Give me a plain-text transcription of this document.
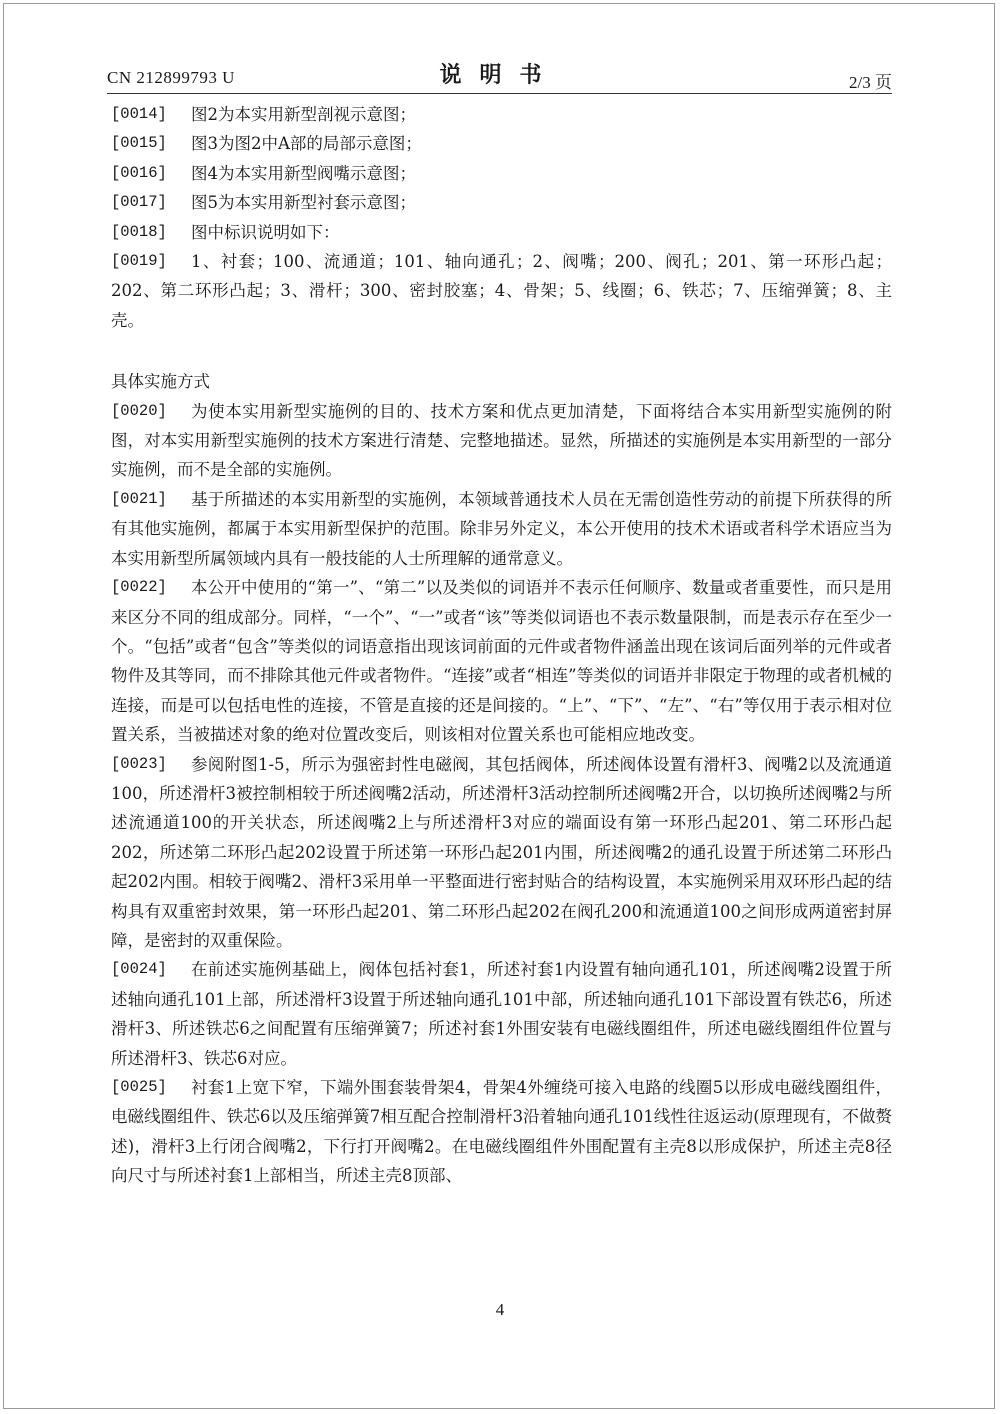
CN 212899793 U	说明书	2/3 页

[0014]	图2为本实用新型剖视示意图；

[0015]	图3为图2中A部的局部示意图；

[0016]	图4为本实用新型阀嘴示意图；

[0017]	图5为本实用新型衬套示意图；

[0018]	图中标识说明如下：

[0019]	1、衬套；100、流通道；101、轴向通孔；2、阀嘴；200、阀孔；201、第一环形凸起；202、第二环形凸起；3、滑杆；300、密封胶塞；4、骨架；5、线圈；6、铁芯；7、压缩弹簧；8、主壳。

具体实施方式

[0020]	为使本实用新型实施例的目的、技术方案和优点更加清楚，下面将结合本实用新型实施例的附图，对本实用新型实施例的技术方案进行清楚、完整地描述。显然，所描述的实施例是本实用新型的一部分实施例，而不是全部的实施例。

[0021]	基于所描述的本实用新型的实施例，本领域普通技术人员在无需创造性劳动的前提下所获得的所有其他实施例，都属于本实用新型保护的范围。除非另外定义，本公开使用的技术术语或者科学术语应当为本实用新型所属领域内具有一般技能的人士所理解的通常意义。

[0022]	本公开中使用的“第一”、“第二”以及类似的词语并不表示任何顺序、数量或者重要性，而只是用来区分不同的组成部分。同样，“一个”、“一”或者“该”等类似词语也不表示数量限制，而是表示存在至少一个。“包括”或者“包含”等类似的词语意指出现该词前面的元件或者物件涵盖出现在该词后面列举的元件或者物件及其等同，而不排除其他元件或者物件。“连接”或者“相连”等类似的词语并非限定于物理的或者机械的连接，而是可以包括电性的连接，不管是直接的还是间接的。“上”、“下”、“左”、“右”等仅用于表示相对位置关系，当被描述对象的绝对位置改变后，则该相对位置关系也可能相应地改变。

[0023]	参阅附图1-5，所示为强密封性电磁阀，其包括阀体，所述阀体设置有滑杆3、阀嘴2以及流通道100，所述滑杆3被控制相较于所述阀嘴2活动，所述滑杆3活动控制所述阀嘴2开合，以切换所述阀嘴2与所述流通道100的开关状态，所述阀嘴2上与所述滑杆3对应的端面设有第一环形凸起201、第二环形凸起202，所述第二环形凸起202设置于所述第一环形凸起201内围，所述阀嘴2的通孔设置于所述第二环形凸起202内围。相较于阀嘴2、滑杆3采用单一平整面进行密封贴合的结构设置，本实施例采用双环形凸起的结构具有双重密封效果，第一环形凸起201、第二环形凸起202在阀孔200和流通道100之间形成两道密封屏障，是密封的双重保险。

[0024]	在前述实施例基础上，阀体包括衬套1，所述衬套1内设置有轴向通孔101，所述阀嘴2设置于所述轴向通孔101上部，所述滑杆3设置于所述轴向通孔101中部，所述轴向通孔101下部设置有铁芯6，所述滑杆3、所述铁芯6之间配置有压缩弹簧7；所述衬套1外围安装有电磁线圈组件，所述电磁线圈组件位置与所述滑杆3、铁芯6对应。

[0025]	衬套1上宽下窄，下端外围套装骨架4，骨架4外缠绕可接入电路的线圈5以形成电磁线圈组件，电磁线圈组件、铁芯6以及压缩弹簧7相互配合控制滑杆3沿着轴向通孔101线性往返运动(原理现有，不做赘述)，滑杆3上行闭合阀嘴2，下行打开阀嘴2。在电磁线圈组件外围配置有主壳8以形成保护，所述主壳8径向尺寸与所述衬套1上部相当，所述主壳8顶部、

4
